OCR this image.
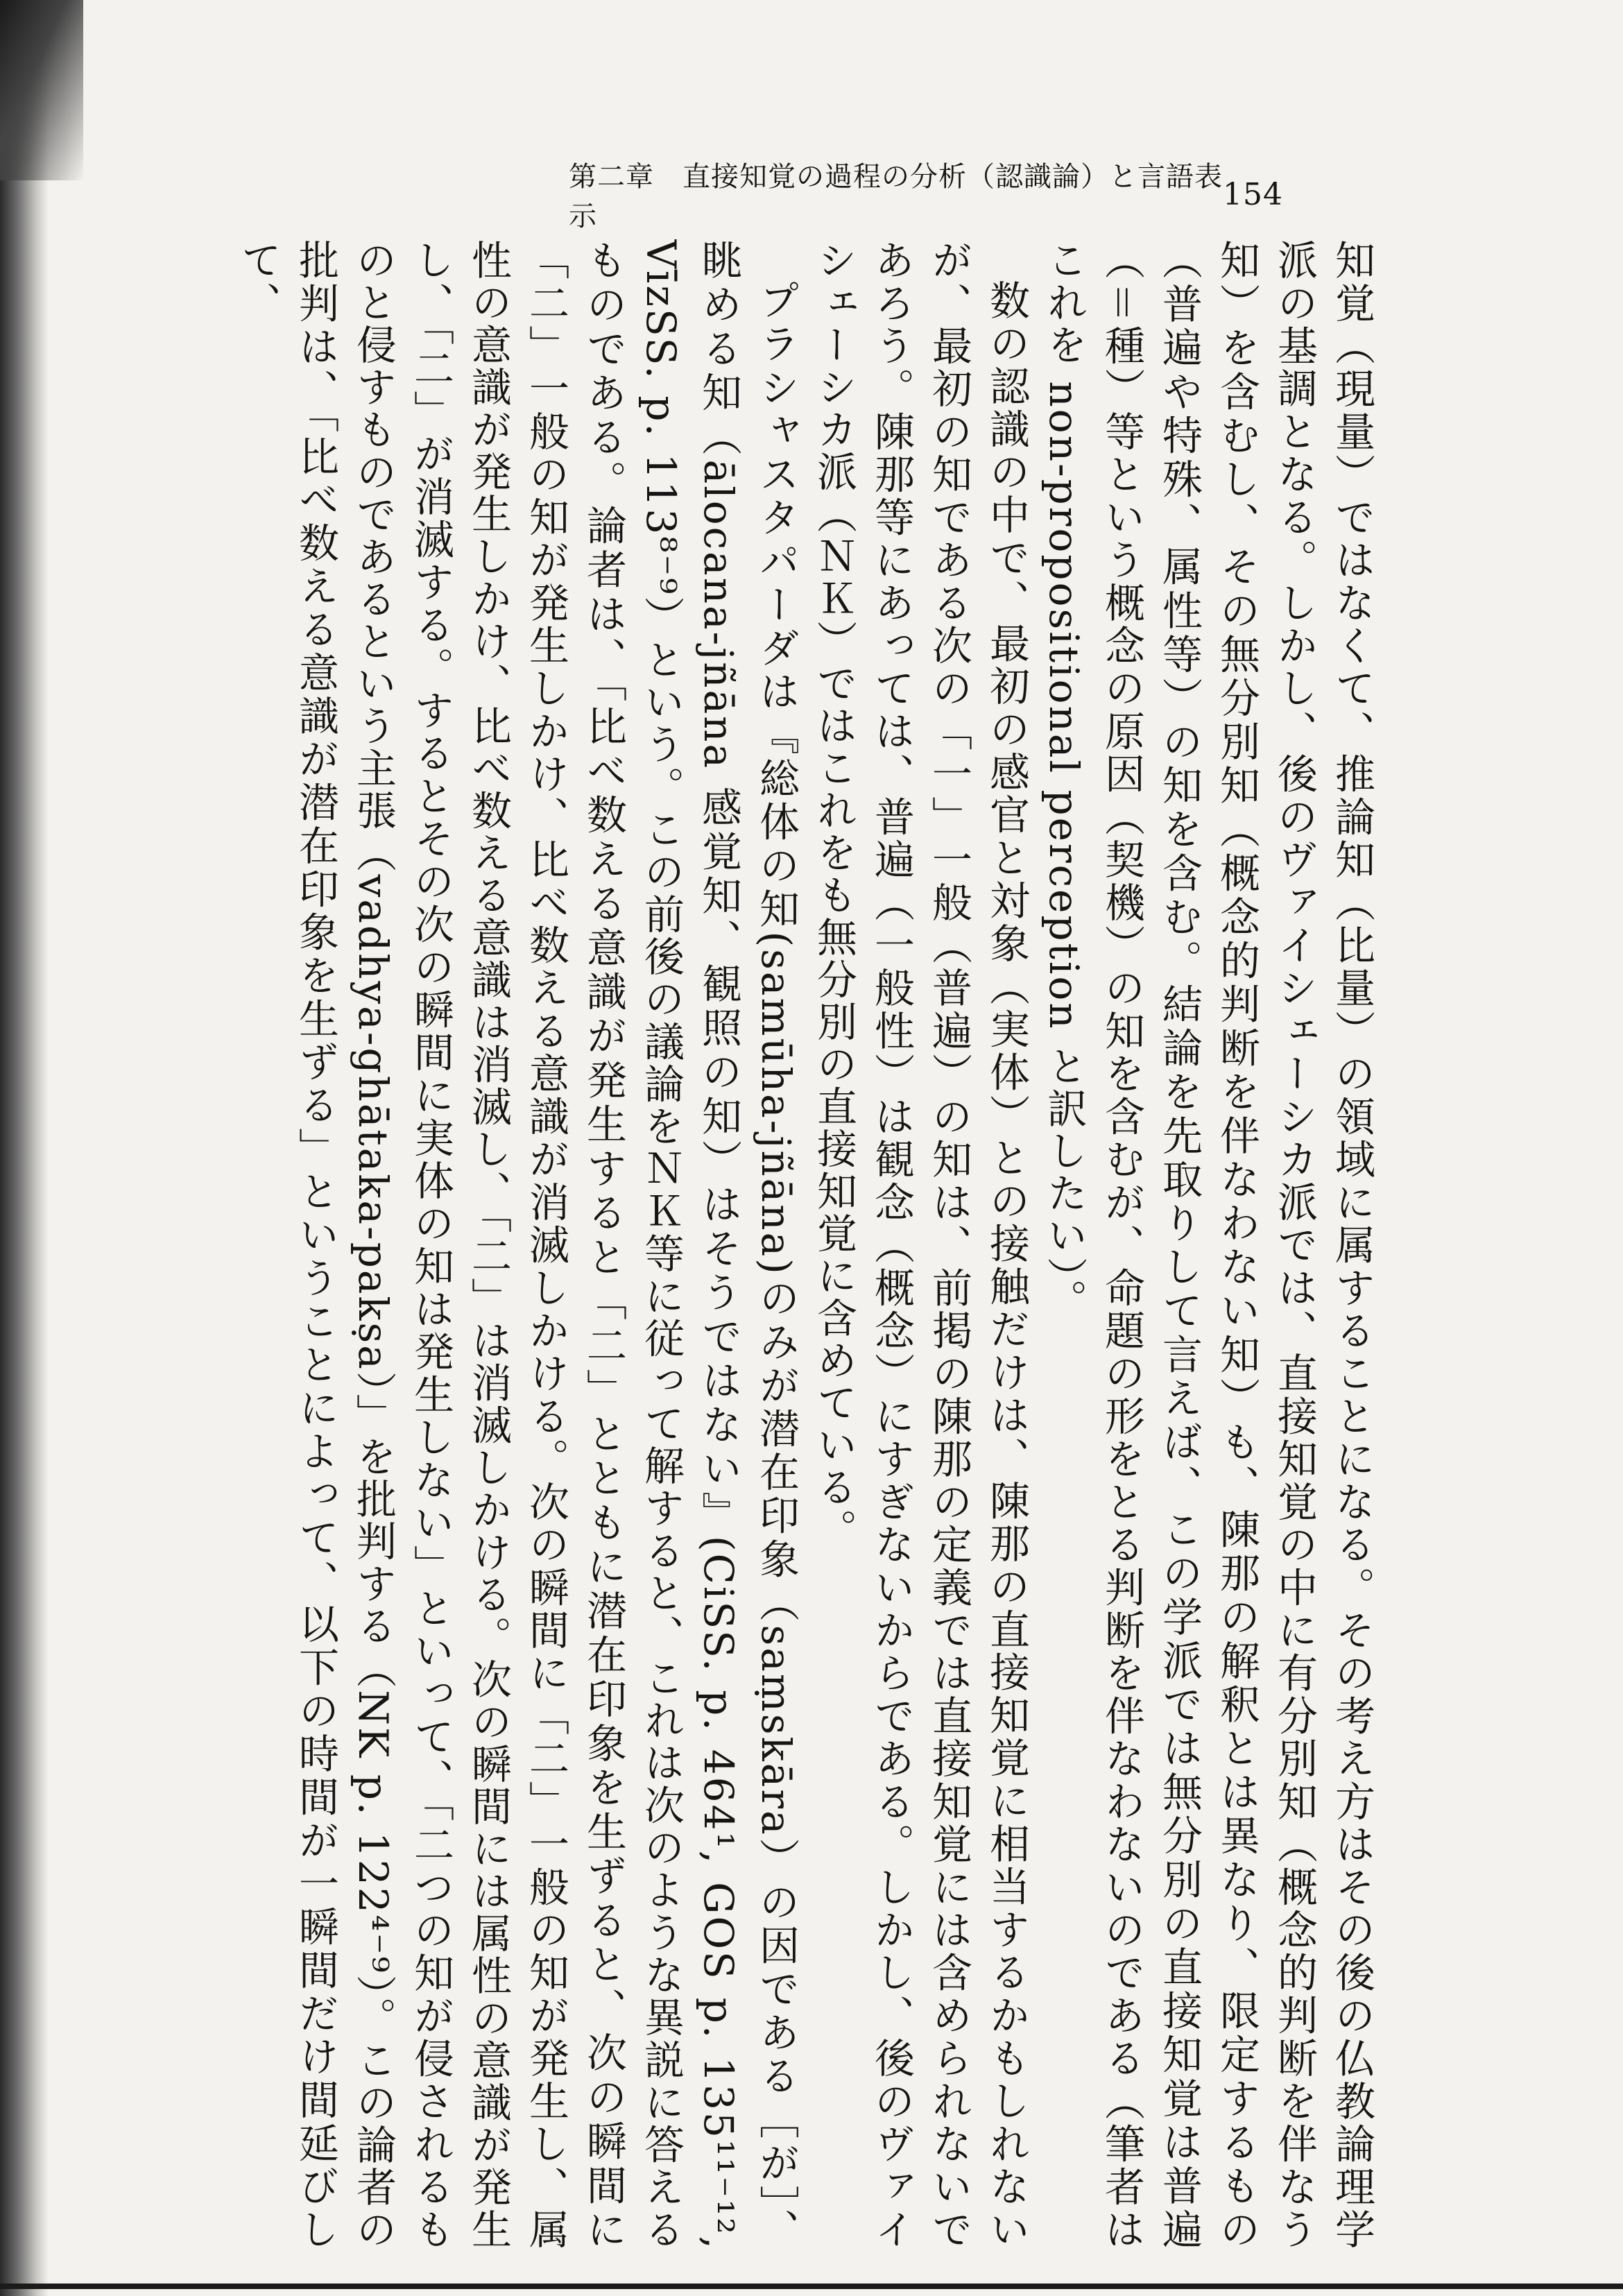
第二章　直接知覚の過程の分析（認識論）と言語表示
154

知覚（現量）ではなくて、推論知（比量）の領域に属することになる。その考え方はその後の仏教論理学派の基調となる。しかし、後のヴァイシェーシカ派では、直接知覚の中に有分別知（概念的判断を伴なう知）を含むし、その無分別知（概念的判断を伴なわない知）も、陳那の解釈とは異なり、限定するもの（普遍や特殊、属性等）の知を含む。結論を先取りして言えば、この学派では無分別の直接知覚は普遍（＝種）等という概念の原因（契機）の知を含むが、命題の形をとる判断を伴なわないのである（筆者はこれを non-propositional perception と訳したい）。

数の認識の中で、最初の感官と対象（実体）との接触だけは、陳那の直接知覚に相当するかもしれないが、最初の知である次の「一」一般（普遍）の知は、前掲の陳那の定義では直接知覚には含められないであろう。陳那等にあっては、普遍（一般性）は観念（概念）にすぎないからである。しかし、後のヴァイシェーシカ派（ＮＫ）ではこれをも無分別の直接知覚に含めている。

プラシャスタパーダは『総体の知(samūha-jñāna)のみが潜在印象（saṃskāra）の因である［が］、眺める知（ālocana-jñāna 感覚知、観照の知）はそうではない』(CiSS. p. 464¹, GOS p. 135¹¹⁻¹², VīzSS. p. 113⁸⁻⁹）という。この前後の議論をＮＫ等に従って解すると、これは次のような異説に答えるものである。論者は、「比べ数える意識が発生すると「二」とともに潜在印象を生ずると、次の瞬間に「二」一般の知が発生しかけ、比べ数える意識が消滅しかける。次の瞬間に「二」一般の知が発生し、属性の意識が発生しかけ、比べ数える意識は消滅し、「二」は消滅しかける。次の瞬間には属性の意識が発生し、「二」が消滅する。するとその次の瞬間に実体の知は発生しない」といって、「二つの知が侵されるものと侵すものであるという主張（vadhya-ghātaka-pakṣa）」を批判する（NK p. 122⁴⁻⁹）。この論者の批判は、「比べ数える意識が潜在印象を生ずる」ということによって、以下の時間が一瞬間だけ間延びして、
